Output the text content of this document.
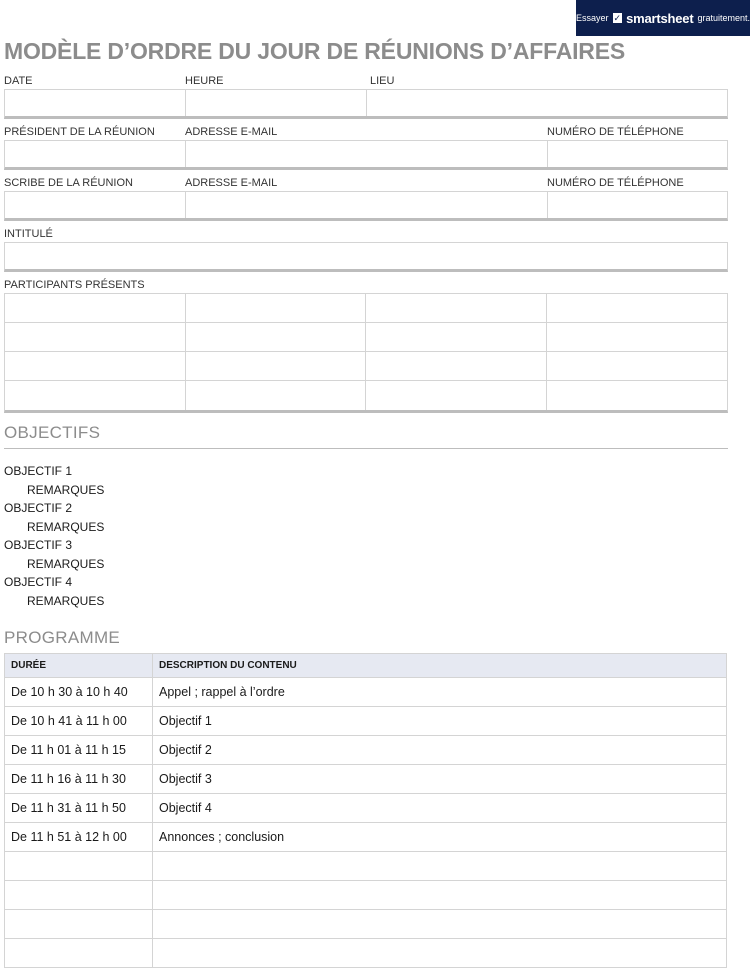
Essayer ✓ smartsheet gratuitement.
MODÈLE D’ORDRE DU JOUR DE RÉUNIONS D’AFFAIRES
DATE	HEURE	LIEU
PRÉSIDENT DE LA RÉUNION	ADRESSE E-MAIL	NUMÉRO DE TÉLÉPHONE
SCRIBE DE LA RÉUNION	ADRESSE E-MAIL	NUMÉRO DE TÉLÉPHONE
INTITULÉ
PARTICIPANTS PRÉSENTS
OBJECTIFS
OBJECTIF 1
REMARQUES
OBJECTIF 2
REMARQUES
OBJECTIF 3
REMARQUES
OBJECTIF 4
REMARQUES
PROGRAMME
DURÉE	DESCRIPTION DU CONTENU
De 10 h 30 à 10 h 40	Appel ; rappel à l’ordre
De 10 h 41 à 11 h 00	Objectif 1
De 11 h 01 à 11 h 15	Objectif 2
De 11 h 16 à 11 h 30	Objectif 3
De 11 h 31 à 11 h 50	Objectif 4
De 11 h 51 à 12 h 00	Annonces ; conclusion
